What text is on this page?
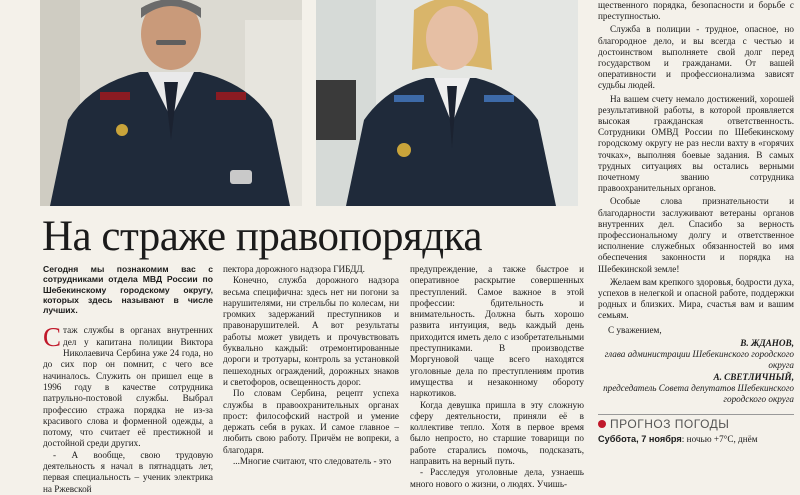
щественного порядка, безопасности и борьбе с преступностью.

Служба в полиции - трудное, опасное, но благородное дело, и вы всегда с честью и достоинством выполняете свой долг перед государством и гражданами. От вашей оперативности и профессионализма зависят судьбы людей.

На вашем счету немало достижений, хорошей результативной работы, в которой проявляется высокая гражданская ответственность. Сотрудники ОМВД России по Шебекинскому городскому округу не раз несли вахту в «горячих точках», выполняя боевые задания. В самых трудных ситуациях вы остались верными почетному званию сотрудника правоохранительных органов.

Особые слова признательности и благодарности заслуживают ветераны органов внутренних дел. Спасибо за верность профессиональному долгу и ответственное исполнение служебных обязанностей во имя обеспечения законности и порядка на Шебекинской земле!

Желаем вам крепкого здоровья, бодрости духа, успехов в нелегкой и опасной работе, поддержки родных и близких. Мира, счастья вам и вашим семьям.

С уважением,

В. ЖДАНОВ,

глава администрации Шебекинского городского округа

А. СВЕТЛИЧНЫЙ,

председатель Совета депутатов Шебекинского городского округа

На страже правопорядка

Сегодня мы познакомим вас с сотрудниками отдела МВД России по Шебекинскому городскому округу, которых здесь называют в числе лучших.

Стаж службы в органах внутренних дел у капитана полиции Виктора Николаевича Сербина уже 24 года, но до сих пор он помнит, с чего все начиналось. Служить он пришел еще в 1996 году в качестве сотрудника патрульно-постовой службы. Выбрал профессию стража порядка не из-за красивого слова и форменной одежды, а потому, что считает её престижной и достойной среди других.

- А вообще, свою трудовую деятельность я начал в пятнадцать лет, первая специальность – ученик электрика на Ржевской

пектора дорожного надзора ГИБДД.

Конечно, служба дорожного надзора весьма специфична: здесь нет ни погони за нарушителями, ни стрельбы по колесам, ни громких задержаний преступников и правонарушителей. А вот результаты работы может увидеть и прочувствовать буквально каждый: отремонтированные дороги и тротуары, контроль за установкой пешеходных ограждений, дорожных знаков и светофоров, освещенность дорог.

По словам Сербина, рецепт успеха службы в правоохранительных органах прост: философский настрой и умение держать себя в руках. И самое главное – любить свою работу. Причём не вопреки, а благодаря.

...Многие считают, что следователь - это

предупреждение, а также быстрое и оперативное раскрытие совершенных преступлений. Самое важное в этой профессии: бдительность и внимательность. Должна быть хорошо развита интуиция, ведь каждый день приходится иметь дело с изобретательными преступниками. В производстве Моргуновой чаще всего находятся уголовные дела по преступлениям против имущества и незаконному обороту наркотиков.

Когда девушка пришла в эту сложную сферу деятельности, приняли её в коллективе тепло. Хотя в первое время было непросто, но старшие товарищи по работе старались помочь, подсказать, направить на верный путь.

- Расследуя уголовные дела, узнаешь много нового о жизни, о людях. Учишь-

ПРОГНОЗ ПОГОДЫ
Суббота, 7 ноября: ночью +7°С, днём
